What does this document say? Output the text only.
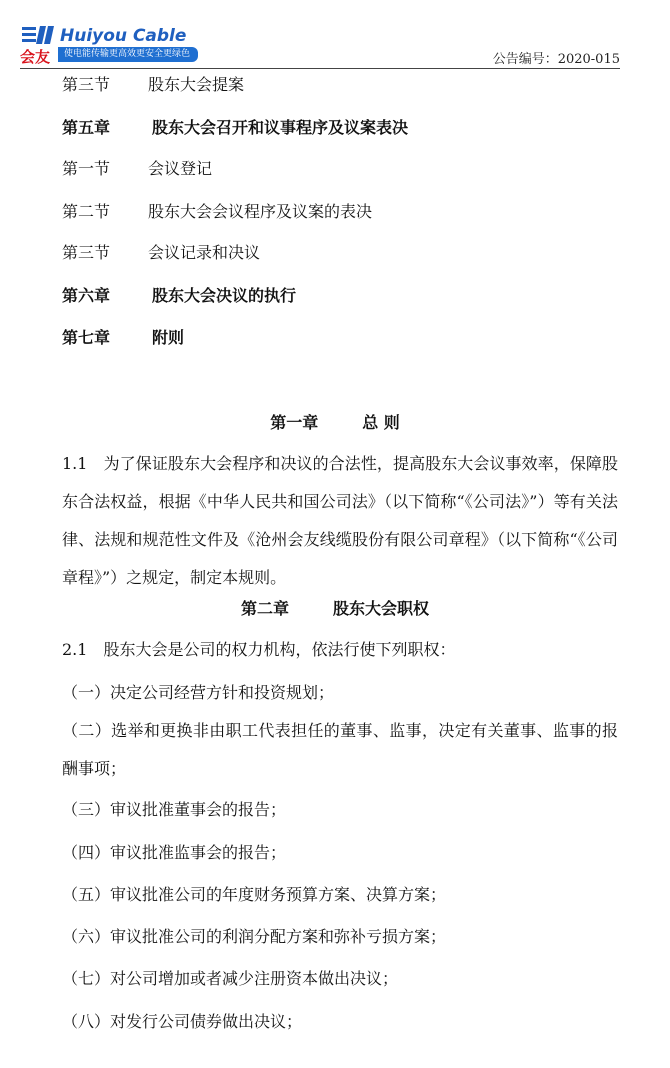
Huiyou Cable
会友	使电能传输更高效更安全更绿色	公告编号：2020-015
第三节 股东大会提案
第五章	股东大会召开和议事程序及议案表决
第一节 会议登记
第二节 股东大会会议程序及议案的表决
第三节 会议记录和决议
第六章	股东大会决议的执行
第七章	附则
第一章	总 则
1.1　为了保证股东大会程序和决议的合法性，提高股东大会议事效率，保障股东合法权益，根据《中华人民共和国公司法》（以下简称“《公司法》”）等有关法律、法规和规范性文件及《沧州会友线缆股份有限公司章程》（以下简称“《公司章程》”）之规定，制定本规则。
第二章	股东大会职权
2.1　股东大会是公司的权力机构，依法行使下列职权：
（一）决定公司经营方针和投资规划；
（二）选举和更换非由职工代表担任的董事、监事，决定有关董事、监事的报酬事项；
（三）审议批准董事会的报告；
（四）审议批准监事会的报告；
（五）审议批准公司的年度财务预算方案、决算方案；
（六）审议批准公司的利润分配方案和弥补亏损方案；
（七）对公司增加或者减少注册资本做出决议；
（八）对发行公司债券做出决议；
